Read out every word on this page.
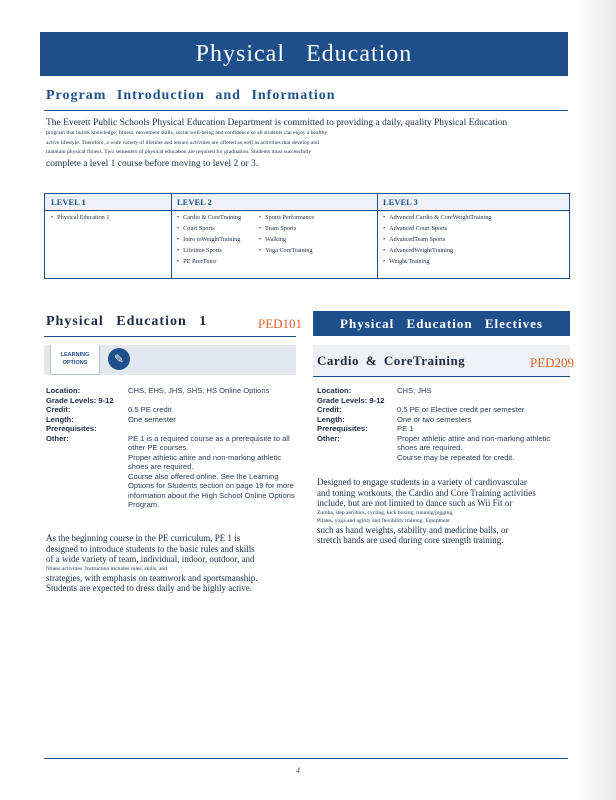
Physical Education
Program Introduction and Information
The Everett Public Schools Physical Education Department is committed to providing a daily, quality Physical Education
program that builds knowledge, fitness, movement skills, social well-being and confidence so all students can enjoy a healthy
active lifestyle. Therefore, a wide variety of lifetime and leisure activities are offered as well as activities that develop and
maintain physical fitness. Two semesters of physical education are required for graduation. Students must successfully
complete a level 1 course before moving to level 2 or 3.
LEVEL 1	LEVEL 2	LEVEL 3
• Physical Education 1
•	Cardio & CoreTraining
• Court Sports
• Intro toWeightTraining
• Lifetime Sports
• PE PeerTutor
• Sports Performance
• Team Sports
• Walking
• Yoga CoreTraining
• Advanced Cardio & CoreWeightTraining
• Advanced Court Sports
• AdvancedTeam Sports
• AdvancedWeightTraining
• Weight Training
Physical Education 1	PED101
LEARNING OPTIONS	✎
Location:	CHS, EHS, JHS, SHS, HS Online Options
Grade Levels: 9-12
Credit:	0.5 PE credit
Length:	One semester
Prerequisites:
Other:	PE 1 is a required course as a prerequisite to all
other PE courses.
Proper athletic attire and non-marking athletic
shoes are required.
Course also offered online. See the Learning
Options for Students section on page 19 for more
information about the High School Online Options
Program.
As the beginning course in the PE curriculum, PE 1 is
designed to introduce students to the basic rules and skills
of a wide variety of team, individual, indoor, outdoor, and
fitness activities. Instruction includes rules, skills, and
strategies, with emphasis on teamwork and sportsmanship.
Students are expected to dress daily and be highly active.
Physical Education Electives
Cardio & CoreTraining	PED209
Location:	CHS, JHS
Grade Levels: 9-12
Credit:	0.5 PE or Elective credit per semester
Length:	One or two semesters
Prerequisites:	PE 1
Other:	Proper athletic attire and non-marking athletic
shoes are required.
Course may be repeated for credit.
Designed to engage students in a variety of cardiovascular
and toning workouts, the Cardio and Core Training activities
include, but are not limited to dance such as Wii Fit or
Zumba, step aerobics, cycling, kick boxing, running/jogging,
Pilates, yoga and agility and flexibility training. Equipment
such as hand weights, stability and medicine balls, or
stretch bands are used during core strength training.
4
